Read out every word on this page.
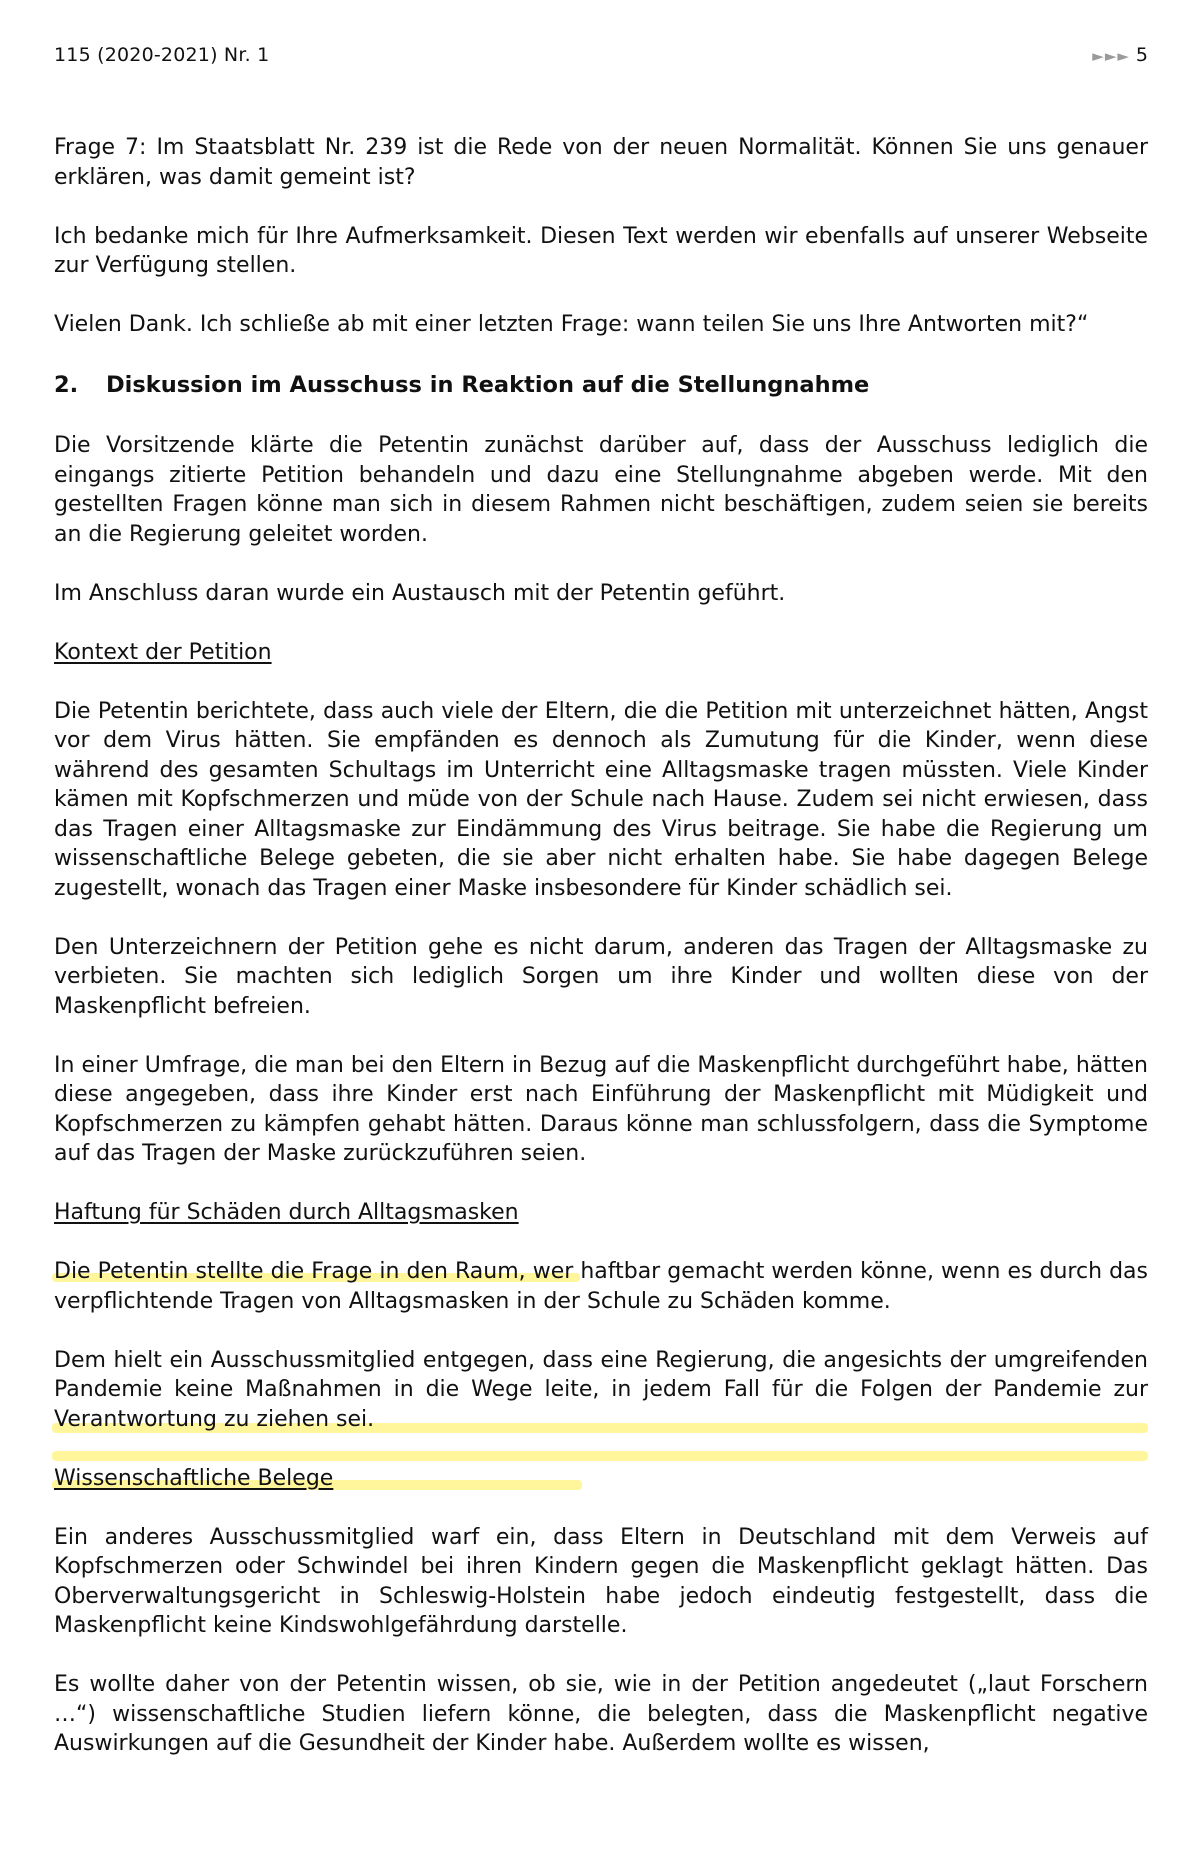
115 (2020-2021) Nr. 1	►►► 5

Frage 7: Im Staatsblatt Nr. 239 ist die Rede von der neuen Normalität. Können Sie uns genauer erklären, was damit gemeint ist?

Ich bedanke mich für Ihre Aufmerksamkeit. Diesen Text werden wir ebenfalls auf unserer Webseite zur Verfügung stellen.

Vielen Dank. Ich schließe ab mit einer letzten Frage: wann teilen Sie uns Ihre Antworten mit?“

2. Diskussion im Ausschuss in Reaktion auf die Stellungnahme

Die Vorsitzende klärte die Petentin zunächst darüber auf, dass der Ausschuss lediglich die eingangs zitierte Petition behandeln und dazu eine Stellungnahme abgeben werde. Mit den gestellten Fragen könne man sich in diesem Rahmen nicht beschäftigen, zudem seien sie bereits an die Regierung geleitet worden.

Im Anschluss daran wurde ein Austausch mit der Petentin geführt.

Kontext der Petition

Die Petentin berichtete, dass auch viele der Eltern, die die Petition mit unterzeichnet hätten, Angst vor dem Virus hätten. Sie empfänden es dennoch als Zumutung für die Kinder, wenn diese während des gesamten Schultags im Unterricht eine Alltagsmaske tragen müssten. Viele Kinder kämen mit Kopfschmerzen und müde von der Schule nach Hause. Zudem sei nicht erwiesen, dass das Tragen einer Alltagsmaske zur Eindämmung des Virus beitrage. Sie habe die Regierung um wissenschaftliche Belege gebeten, die sie aber nicht erhalten habe. Sie habe dagegen Belege zugestellt, wonach das Tragen einer Maske insbesondere für Kinder schädlich sei.

Den Unterzeichnern der Petition gehe es nicht darum, anderen das Tragen der Alltagsmaske zu verbieten. Sie machten sich lediglich Sorgen um ihre Kinder und wollten diese von der Maskenpflicht befreien.

In einer Umfrage, die man bei den Eltern in Bezug auf die Maskenpflicht durchgeführt habe, hätten diese angegeben, dass ihre Kinder erst nach Einführung der Maskenpflicht mit Müdigkeit und Kopfschmerzen zu kämpfen gehabt hätten. Daraus könne man schlussfolgern, dass die Symptome auf das Tragen der Maske zurückzuführen seien.

Haftung für Schäden durch Alltagsmasken

Die Petentin stellte die Frage in den Raum, wer haftbar gemacht werden könne, wenn es durch das verpflichtende Tragen von Alltagsmasken in der Schule zu Schäden komme.

Dem hielt ein Ausschussmitglied entgegen, dass eine Regierung, die angesichts der umgreifenden Pandemie keine Maßnahmen in die Wege leite, in jedem Fall für die Folgen der Pandemie zur Verantwortung zu ziehen sei.

Wissenschaftliche Belege

Ein anderes Ausschussmitglied warf ein, dass Eltern in Deutschland mit dem Verweis auf Kopfschmerzen oder Schwindel bei ihren Kindern gegen die Maskenpflicht geklagt hätten. Das Oberverwaltungsgericht in Schleswig-Holstein habe jedoch eindeutig festgestellt, dass die Maskenpflicht keine Kindswohlgefährdung darstelle.

Es wollte daher von der Petentin wissen, ob sie, wie in der Petition angedeutet („laut Forschern …“) wissenschaftliche Studien liefern könne, die belegten, dass die Maskenpflicht negative Auswirkungen auf die Gesundheit der Kinder habe. Außerdem wollte es wissen,
